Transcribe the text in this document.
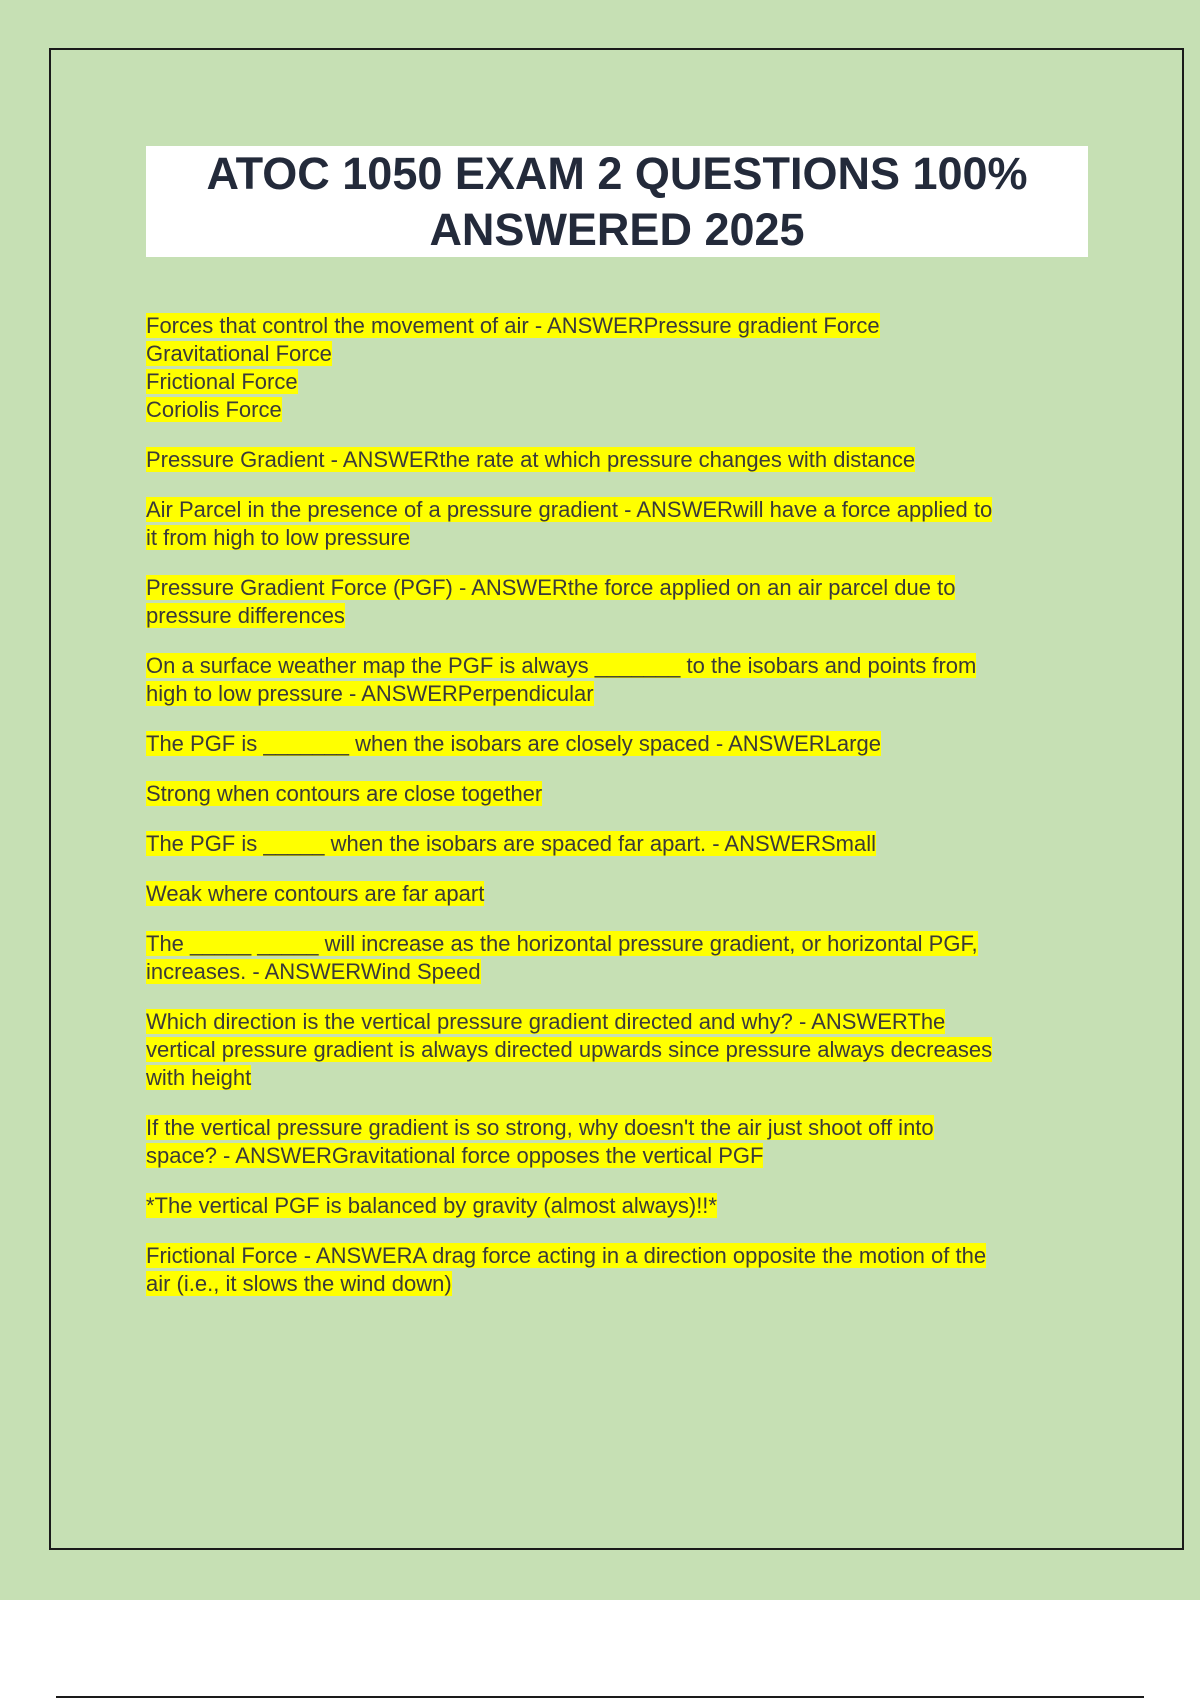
ATOC 1050 EXAM 2 QUESTIONS 100%
ANSWERED 2025

Forces that control the movement of air - ANSWERPressure gradient Force
Gravitational Force
Frictional Force
Coriolis Force

Pressure Gradient - ANSWERthe rate at which pressure changes with distance

Air Parcel in the presence of a pressure gradient - ANSWERwill have a force applied to
it from high to low pressure

Pressure Gradient Force (PGF) - ANSWERthe force applied on an air parcel due to
pressure differences

On a surface weather map the PGF is always _______ to the isobars and points from
high to low pressure - ANSWERPerpendicular

The PGF is _______ when the isobars are closely spaced - ANSWERLarge

Strong when contours are close together

The PGF is _____ when the isobars are spaced far apart. - ANSWERSmall

Weak where contours are far apart

The _____ _____ will increase as the horizontal pressure gradient, or horizontal PGF,
increases. - ANSWERWind Speed

Which direction is the vertical pressure gradient directed and why? - ANSWERThe
vertical pressure gradient is always directed upwards since pressure always decreases
with height

If the vertical pressure gradient is so strong, why doesn't the air just shoot off into
space? - ANSWERGravitational force opposes the vertical PGF

*The vertical PGF is balanced by gravity (almost always)!!*

Frictional Force - ANSWERA drag force acting in a direction opposite the motion of the
air (i.e., it slows the wind down)
